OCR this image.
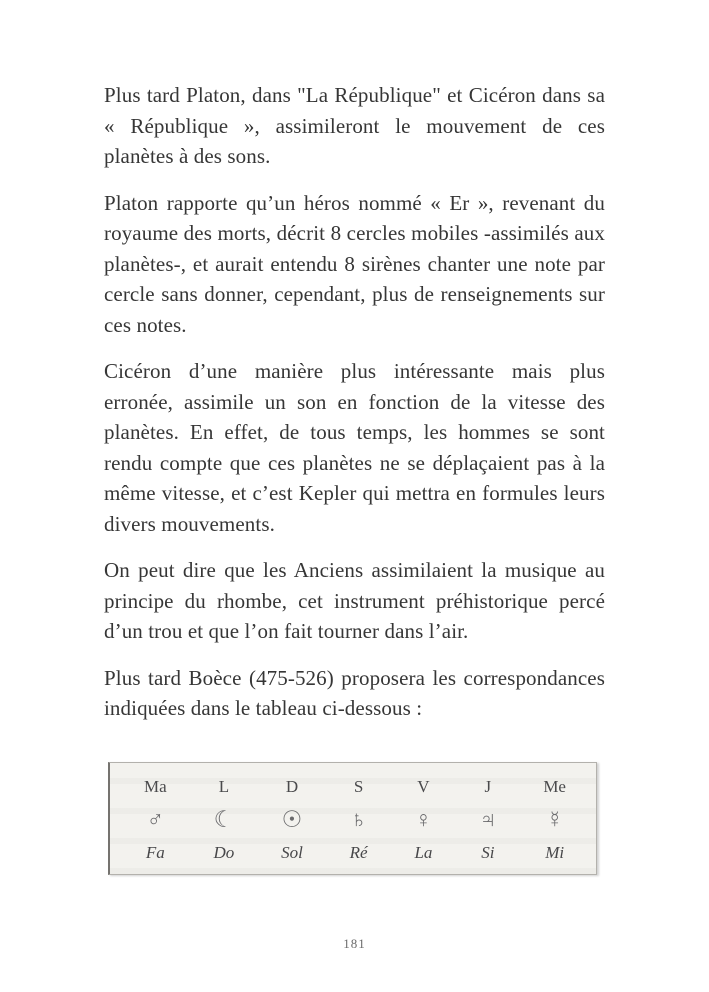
Plus tard Platon, dans "La République" et Cicéron dans sa « République », assimileront le mouvement de ces planètes à des sons.

Platon rapporte qu’un héros nommé « Er », revenant du royaume des morts, décrit 8 cercles mobiles -assimilés aux planètes-, et aurait entendu 8 sirènes chanter une note par cercle sans donner, cependant, plus de renseignements sur ces notes.

Cicéron d’une manière plus intéressante mais plus erronée, assimile un son en fonction de la vitesse des planètes. En effet, de tous temps, les hommes se sont rendu compte que ces planètes ne se déplaçaient pas à la même vitesse, et c’est Kepler qui mettra en formules leurs divers mouvements.

On peut dire que les Anciens assimilaient la musique au principe du rhombe, cet instrument préhistorique percé d’un trou et que l’on fait tourner dans l’air.

Plus tard Boèce (475-526) proposera les correspondances indiquées dans le tableau ci-dessous :

Ma
♂
Fa
L
☾
Do
D
☉
Sol
S
♄
Ré
V
♀
La
J
♃
Si
Me
☿
Mi
181
